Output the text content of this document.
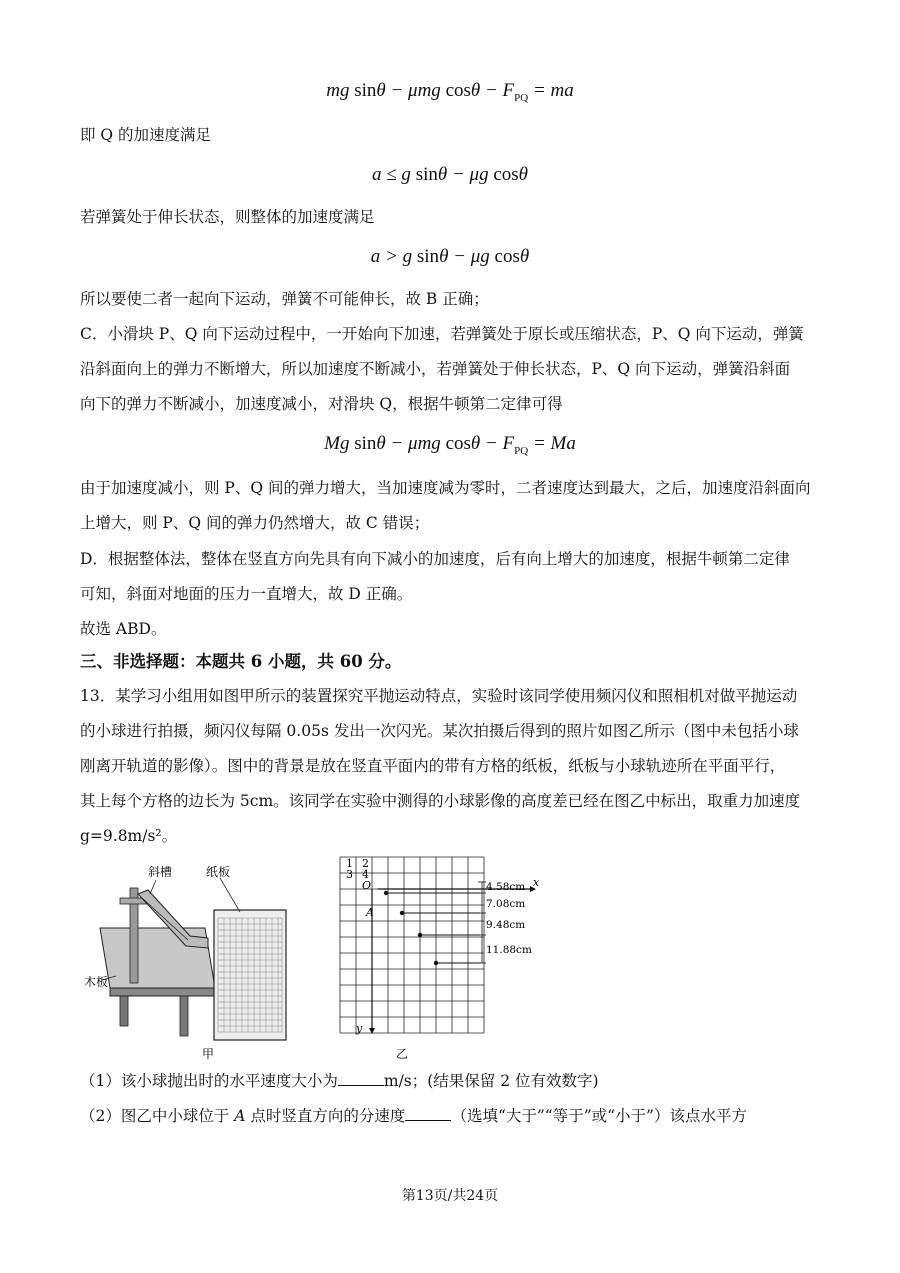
mg sinθ − μmg $\cos\theta - F_{PQ}$ = ma
即 Q 的加速度满足
a ≤ g sinθ − μg cosθ
若弹簧处于伸长状态，则整体的加速度满足
a > g sinθ − μg cosθ
所以要使二者一起向下运动，弹簧不可能伸长，故 B 正确；
C．小滑块 P、Q 向下运动过程中，一开始向下加速，若弹簧处于原长或压缩状态，P、Q 向下运动，弹簧
沿斜面向上的弹力不断增大，所以加速度不断减小，若弹簧处于伸长状态，P、Q 向下运动，弹簧沿斜面
向下的弹力不断减小，加速度减小，对滑块 Q，根据牛顿第二定律可得
Mg sinθ − μmg $\cos\theta - F_{PQ} = Ma$
由于加速度减小，则 P、Q 间的弹力增大，当加速度减为零时，二者速度达到最大，之后，加速度沿斜面向
上增大，则 P、Q 间的弹力仍然增大，故 C 错误；
D．根据整体法，整体在竖直方向先具有向下减小的加速度，后有向上增大的加速度，根据牛顿第二定律
可知，斜面对地面的压力一直增大，故 D 正确。
故选 ABD。
三、非选择题：本题共 6 小题，共 60 分。
13．某学习小组用如图甲所示的装置探究平抛运动特点，实验时该同学使用频闪仪和照相机对做平抛运动
的小球进行拍摄，频闪仪每隔 0.05s 发出一次闪光。某次拍摄后得到的照片如图乙所示（图中未包括小球
刚离开轨道的影像）。图中的背景是放在竖直平面内的带有方格的纸板，纸板与小球轨迹所在平面平行，
其上每个方格的边长为 5cm。该同学在实验中测得的小球影像的高度差已经在图乙中标出，取重力加速度
g=9.8m/s²。
斜槽	纸板
木板
甲
1 2
3 4
O
A
x
y
4.58cm
7.08cm
9.48cm
11.88cm
乙
（1）该小球抛出时的水平速度大小为	m/s；(结果保留 2 位有效数字)
（2）图乙中小球位于 A 点时竖直方向的分速度	（选填“大于”“等于”或“小于”）该点水平方
第13页/共24页
